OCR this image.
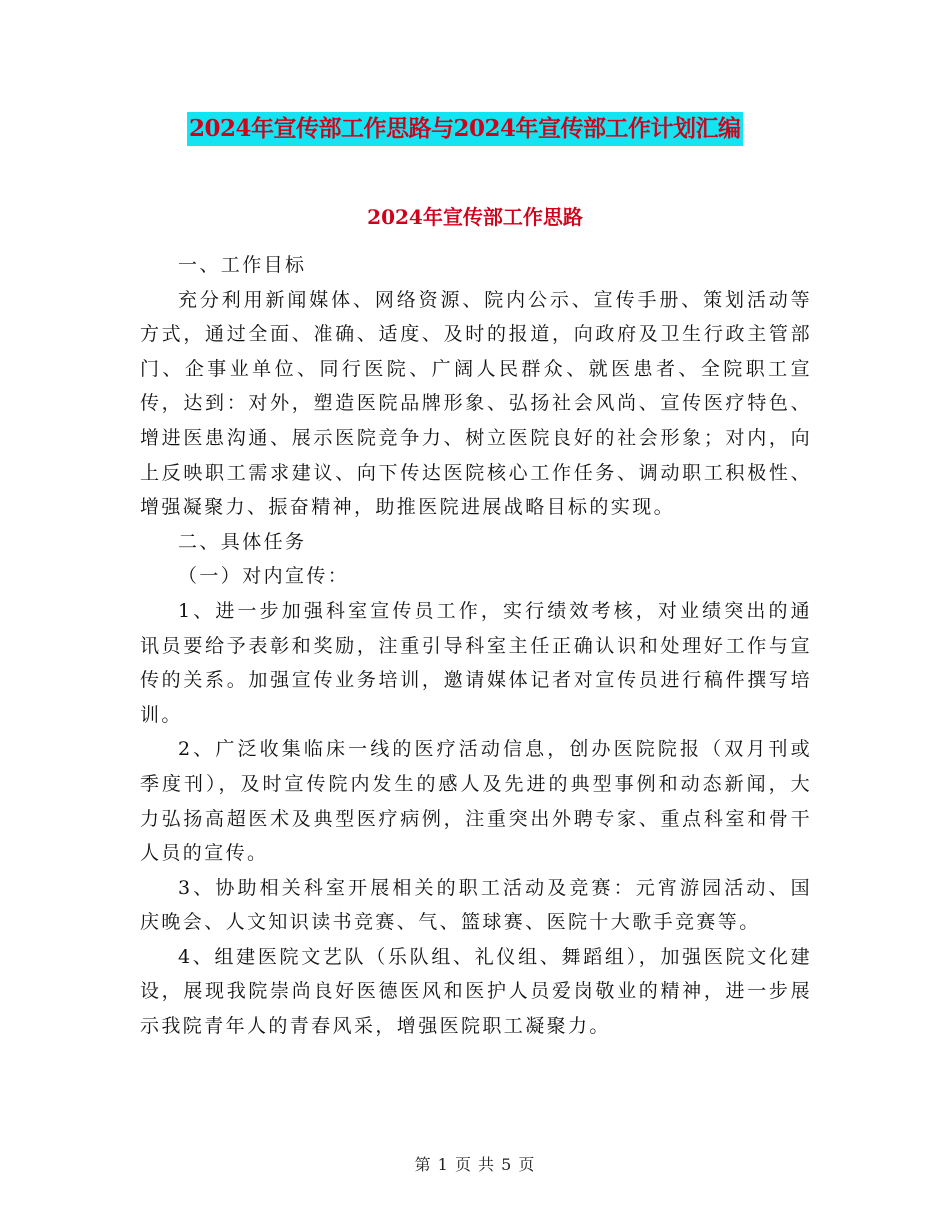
2024年宣传部工作思路与2024年宣传部工作计划汇编
2024年宣传部工作思路

一、工作目标

充分利用新闻媒体、网络资源、院内公示、宣传手册、策划活动等方式，通过全面、准确、适度、及时的报道，向政府及卫生行政主管部门、企事业单位、同行医院、广阔人民群众、就医患者、全院职工宣传，达到：对外，塑造医院品牌形象、弘扬社会风尚、宣传医疗特色、增进医患沟通、展示医院竞争力、树立医院良好的社会形象；对内，向上反映职工需求建议、向下传达医院核心工作任务、调动职工积极性、增强凝聚力、振奋精神，助推医院进展战略目标的实现。

二、具体任务

（一）对内宣传：

1、进一步加强科室宣传员工作，实行绩效考核，对业绩突出的通讯员要给予表彰和奖励，注重引导科室主任正确认识和处理好工作与宣传的关系。加强宣传业务培训，邀请媒体记者对宣传员进行稿件撰写培训。

2、广泛收集临床一线的医疗活动信息，创办医院院报（双月刊或季度刊），及时宣传院内发生的感人及先进的典型事例和动态新闻，大力弘扬高超医术及典型医疗病例，注重突出外聘专家、重点科室和骨干人员的宣传。

3、协助相关科室开展相关的职工活动及竞赛：元宵游园活动、国庆晚会、人文知识读书竞赛、气、篮球赛、医院十大歌手竞赛等。

4、组建医院文艺队（乐队组、礼仪组、舞蹈组），加强医院文化建设，展现我院崇尚良好医德医风和医护人员爱岗敬业的精神，进一步展示我院青年人的青春风采，增强医院职工凝聚力。

第 1 页 共 5 页
